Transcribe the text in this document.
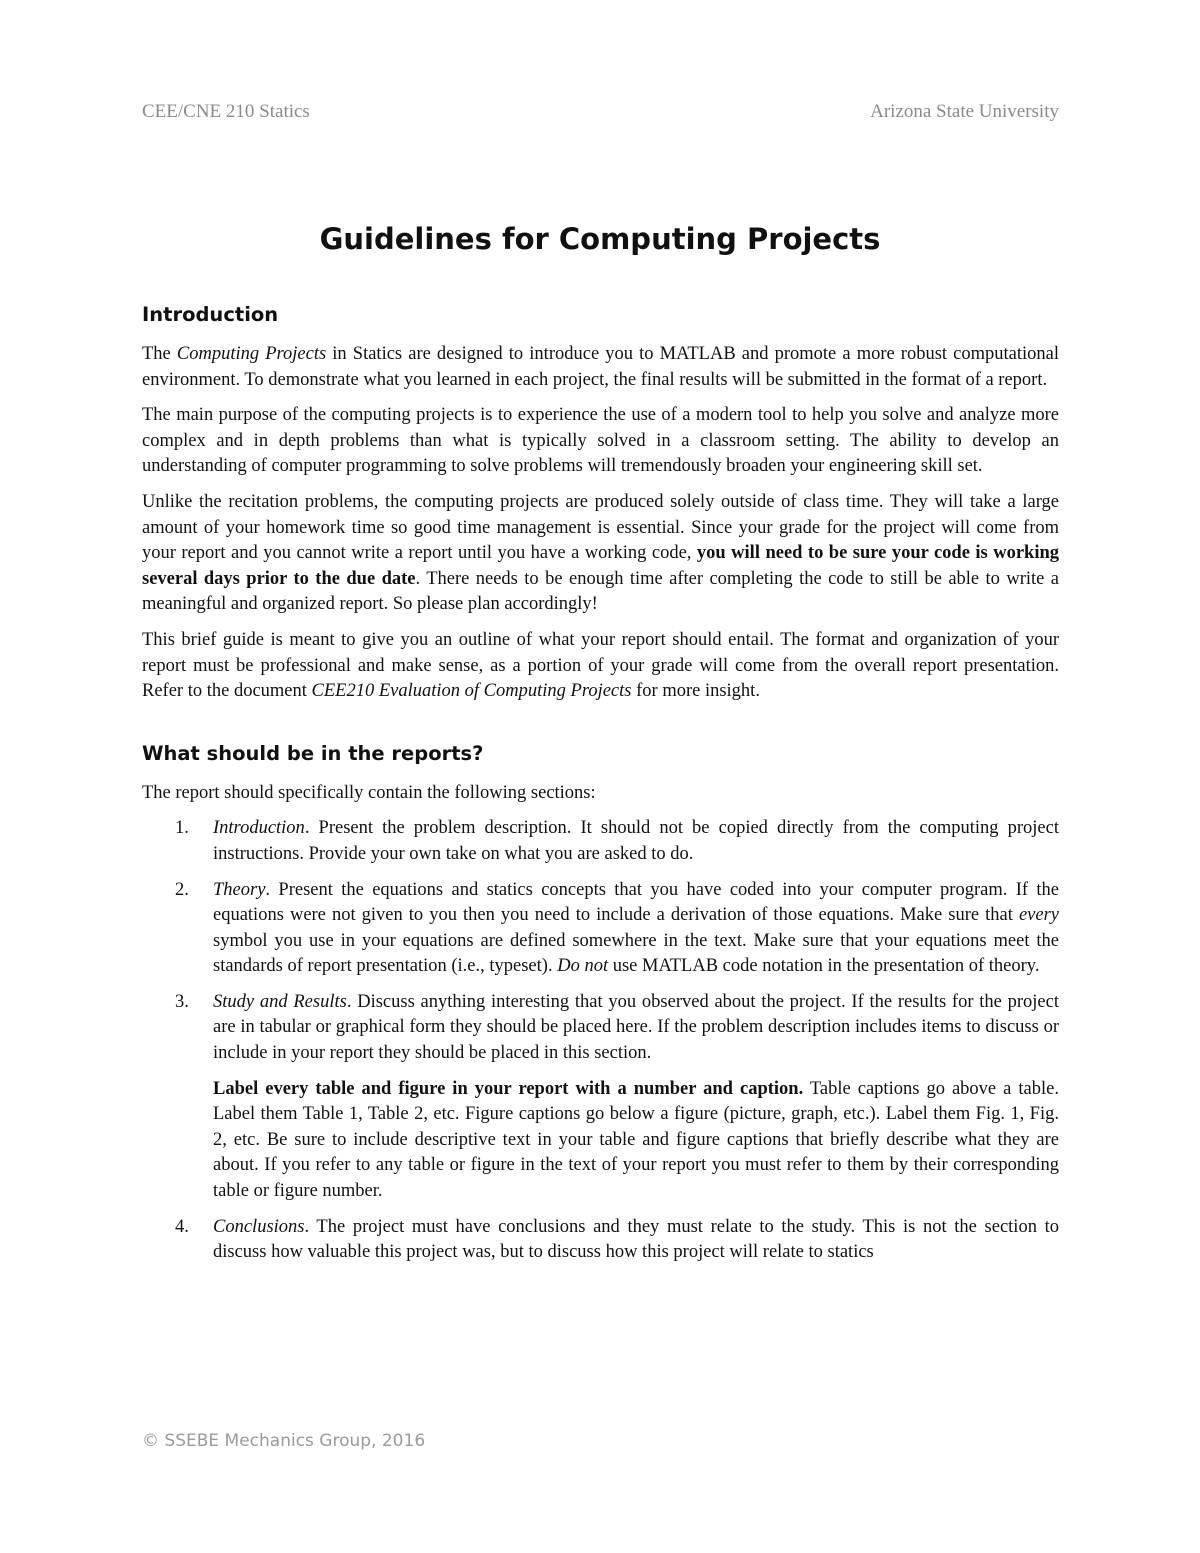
CEE/CNE 210 Statics	Arizona State University
Guidelines for Computing Projects
Introduction

The Computing Projects in Statics are designed to introduce you to MATLAB and promote a more robust computational environment. To demonstrate what you learned in each project, the final results will be submitted in the format of a report.

The main purpose of the computing projects is to experience the use of a modern tool to help you solve and analyze more complex and in depth problems than what is typically solved in a classroom setting. The ability to develop an understanding of computer programming to solve problems will tremendously broaden your engineering skill set.

Unlike the recitation problems, the computing projects are produced solely outside of class time. They will take a large amount of your homework time so good time management is essential. Since your grade for the project will come from your report and you cannot write a report until you have a working code, you will need to be sure your code is working several days prior to the due date. There needs to be enough time after completing the code to still be able to write a meaningful and organized report. So please plan accordingly!

This brief guide is meant to give you an outline of what your report should entail. The format and organization of your report must be professional and make sense, as a portion of your grade will come from the overall report presentation. Refer to the document CEE210 Evaluation of Computing Projects for more insight.

What should be in the reports?

The report should specifically contain the following sections:

1. Introduction. Present the problem description. It should not be copied directly from the computing project instructions. Provide your own take on what you are asked to do.
2. Theory. Present the equations and statics concepts that you have coded into your computer program. If the equations were not given to you then you need to include a derivation of those equations. Make sure that every symbol you use in your equations are defined somewhere in the text. Make sure that your equations meet the standards of report presentation (i.e., typeset). Do not use MATLAB code notation in the presentation of theory.
3. Study and Results. Discuss anything interesting that you observed about the project. If the results for the project are in tabular or graphical form they should be placed here. If the problem description includes items to discuss or include in your report they should be placed in this section.

Label every table and figure in your report with a number and caption. Table captions go above a table. Label them Table 1, Table 2, etc. Figure captions go below a figure (picture, graph, etc.). Label them Fig. 1, Fig. 2, etc. Be sure to include descriptive text in your table and figure captions that briefly describe what they are about. If you refer to any table or figure in the text of your report you must refer to them by their corresponding table or figure number.

4. Conclusions. The project must have conclusions and they must relate to the study. This is not the section to discuss how valuable this project was, but to discuss how this project will relate to statics
© SSEBE Mechanics Group, 2016
